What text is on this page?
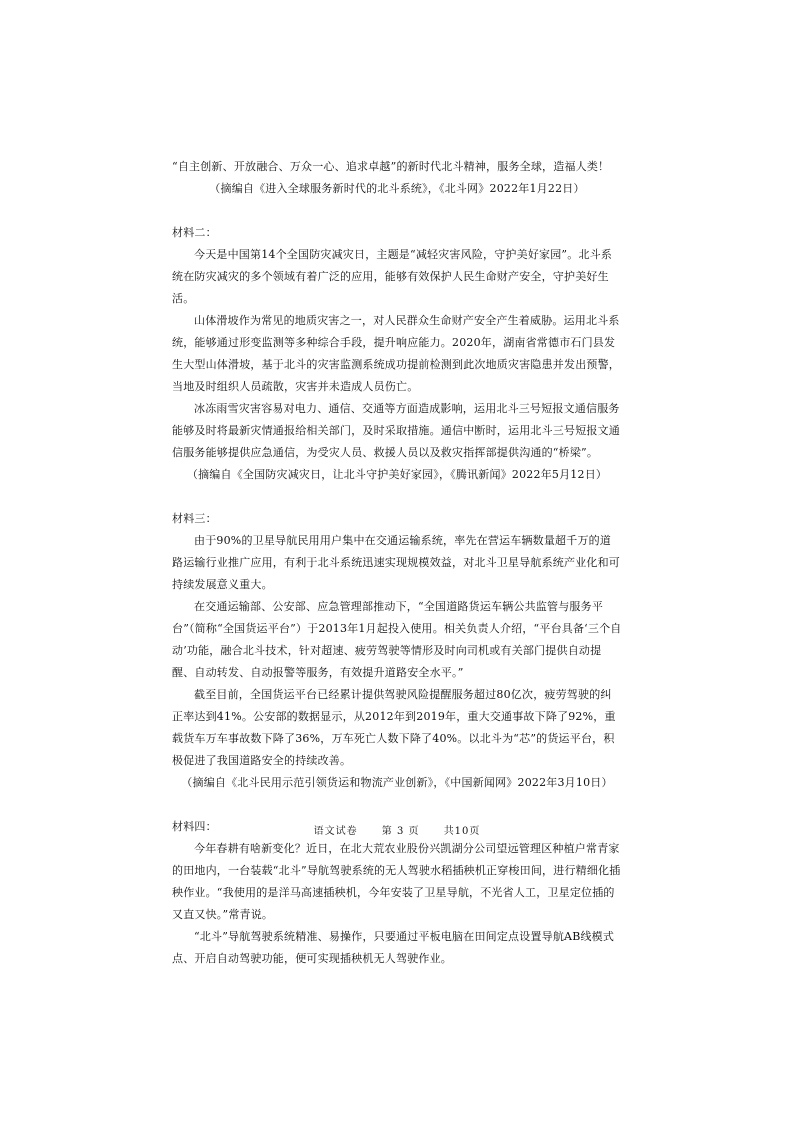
“自主创新、开放融合、万众一心、追求卓越”的新时代北斗精神，服务全球，造福人类！

（摘编自《进入全球服务新时代的北斗系统》，《北斗网》2022年1月22日）

材料二：

今天是中国第14个全国防灾减灾日，主题是“减轻灾害风险，守护美好家园”。北斗系统在防灾减灾的多个领域有着广泛的应用，能够有效保护人民生命财产安全，守护美好生活。

山体滑坡作为常见的地质灾害之一，对人民群众生命财产安全产生着威胁。运用北斗系统，能够通过形变监测等多种综合手段，提升响应能力。2020年，湖南省常德市石门县发生大型山体滑坡，基于北斗的灾害监测系统成功提前检测到此次地质灾害隐患并发出预警，当地及时组织人员疏散，灾害并未造成人员伤亡。

冰冻雨雪灾害容易对电力、通信、交通等方面造成影响，运用北斗三号短报文通信服务能够及时将最新灾情通报给相关部门，及时采取措施。通信中断时，运用北斗三号短报文通信服务能够提供应急通信，为受灾人员、救援人员以及救灾指挥部提供沟通的“桥梁”。

（摘编自《全国防灾减灾日，让北斗守护美好家园》，《腾讯新闻》2022年5月12日）

材料三：

由于90%的卫星导航民用用户集中在交通运输系统，率先在营运车辆数量超千万的道路运输行业推广应用，有利于北斗系统迅速实现规模效益，对北斗卫星导航系统产业化和可持续发展意义重大。

在交通运输部、公安部、应急管理部推动下，“全国道路货运车辆公共监管与服务平台”（简称“全国货运平台”）于2013年1月起投入使用。相关负责人介绍，“平台具备‘三个自动’功能，融合北斗技术，针对超速、疲劳驾驶等情形及时向司机或有关部门提供自动提醒、自动转发、自动报警等服务，有效提升道路安全水平。”

截至目前，全国货运平台已经累计提供驾驶风险提醒服务超过80亿次，疲劳驾驶的纠正率达到41%。公安部的数据显示，从2012年到2019年，重大交通事故下降了92%，重载货车万车事故数下降了36%，万车死亡人数下降了40%。以北斗为“芯”的货运平台，积极促进了我国道路安全的持续改善。

（摘编自《北斗民用示范引领货运和物流产业创新》，《中国新闻网》2022年3月10日）

材料四：

今年春耕有啥新变化？近日，在北大荒农业股份兴凯湖分公司望远管理区种植户常青家的田地内，一台装载“北斗”导航驾驶系统的无人驾驶水稻插秧机正穿梭田间，进行精细化插秧作业。“我使用的是洋马高速插秧机，今年安装了卫星导航，不光省人工，卫星定位插的又直又快。”常青说。

“北斗”导航驾驶系统精准、易操作，只要通过平板电脑在田间定点设置导航AB线模式点、开启自动驾驶功能，便可实现插秧机无人驾驶作业。

语文试卷 第 3 页 共10页
